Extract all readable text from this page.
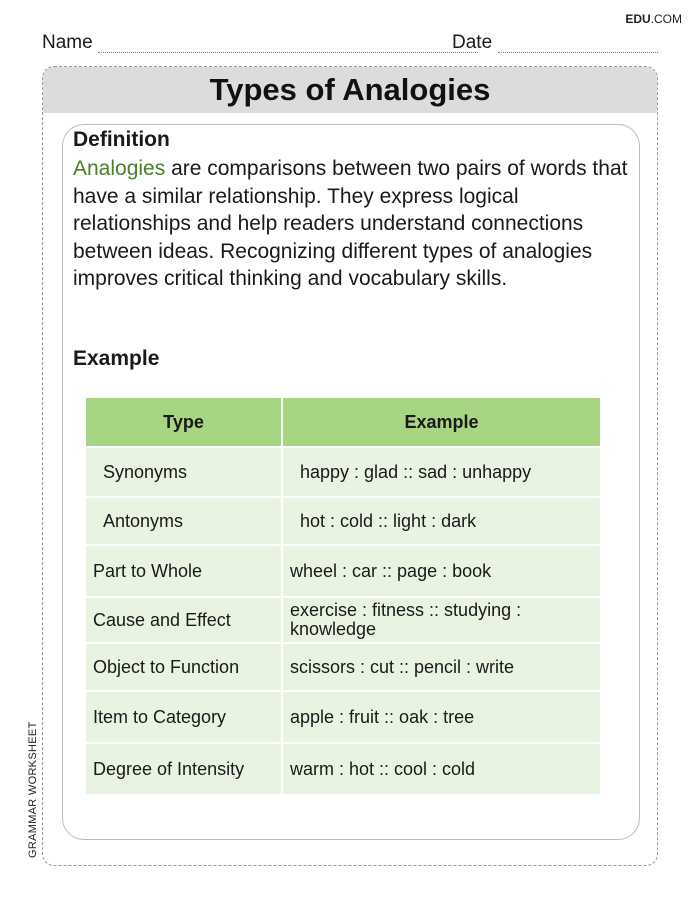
EDU.COM
Name	Date
GRAMMAR WORKSHEET
Types of Analogies
Definition
Analogies are comparisons between two pairs of words that have a similar relationship. They express logical relationships and help readers understand connections between ideas. Recognizing different types of analogies improves critical thinking and vocabulary skills.
Example
Type	Example
Synonyms	happy : glad :: sad : unhappy
Antonyms	hot : cold :: light : dark
Part to Whole	wheel : car :: page : book
Cause and Effect	exercise : fitness :: studying : knowledge

Object to Function	scissors : cut :: pencil : write
Item to Category	apple : fruit :: oak : tree
Degree of Intensity	warm : hot :: cool : cold
